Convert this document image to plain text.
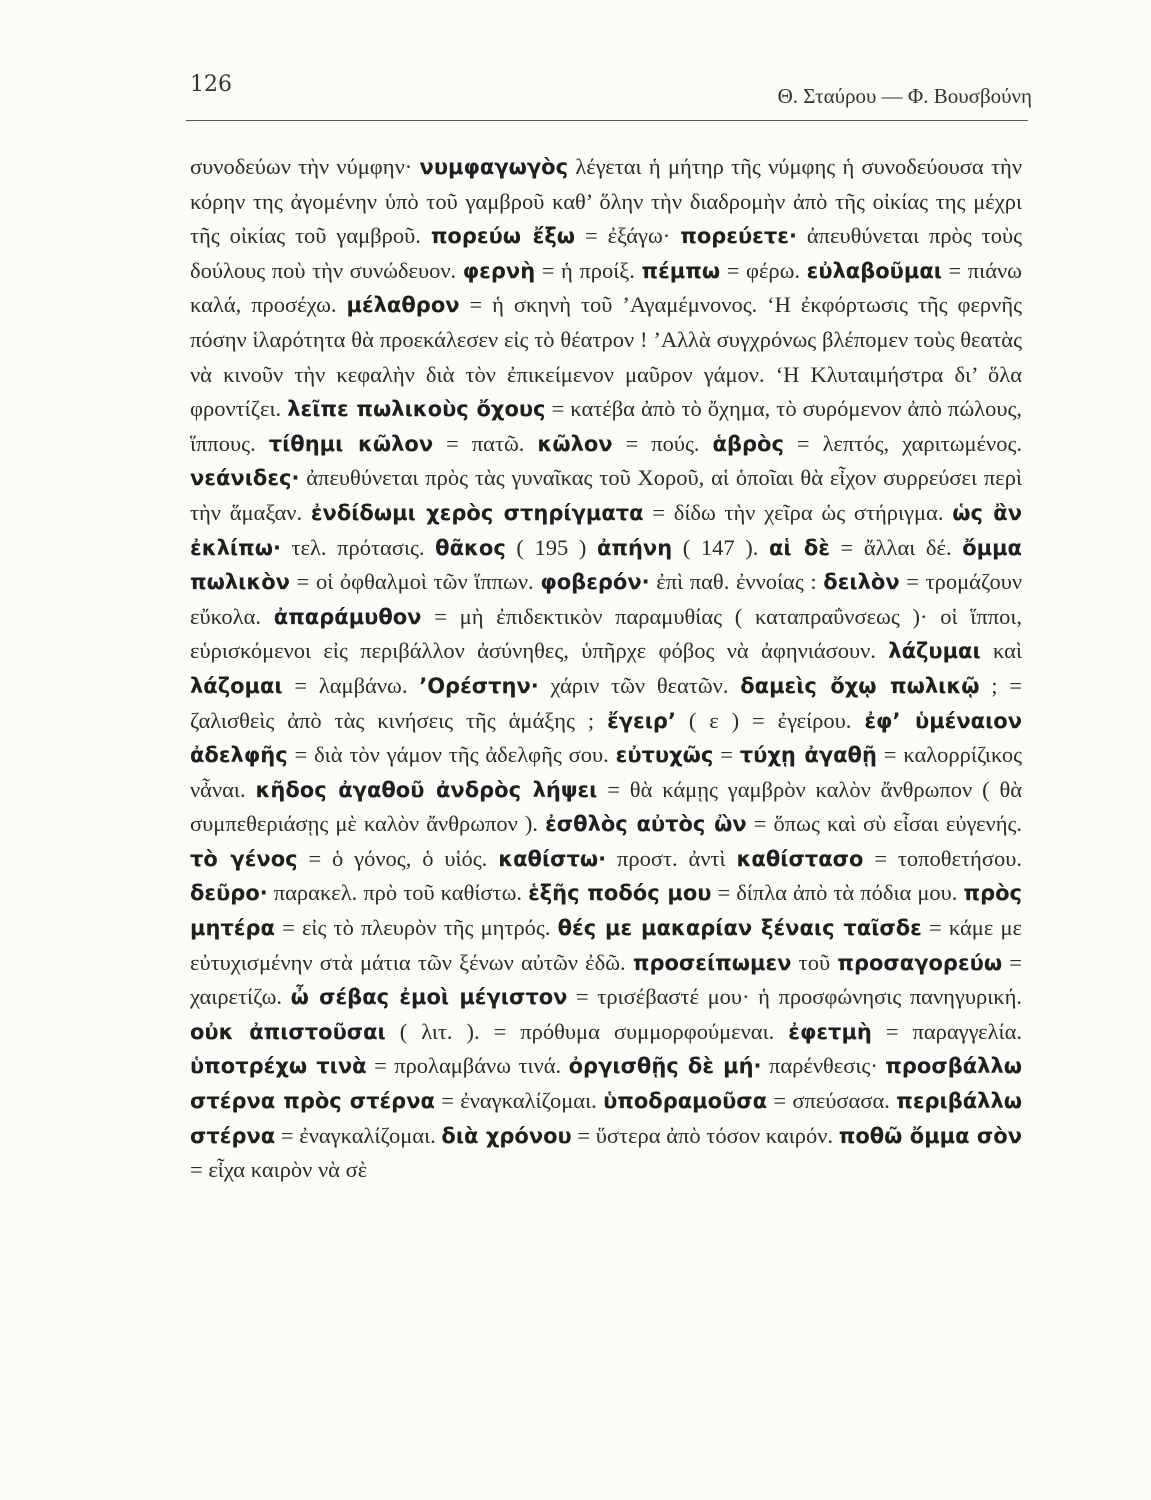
126	Θ. Σταύρου — Φ. Βουσβούνη
συνοδεύων τὴν νύμφην· νυμφαγωγὸς λέγεται ἡ μήτηρ τῆς νύμφης ἡ συνοδεύουσα τὴν κόρην της ἀγομένην ὑπὸ τοῦ γαμβροῦ καθ’ ὅλην τὴν διαδρομὴν ἀπὸ τῆς οἰκίας της μέχρι τῆς οἰκίας τοῦ γαμβροῦ. πορεύω ἔξω = ἐξάγω· πορεύετε· ἀπευθύνεται πρὸς τοὺς δούλους ποὺ τὴν συνώδευον. φερνὴ = ἡ προίξ. πέμπω = φέρω. εὐλαβοῦμαι = πιάνω καλά, προσέχω. μέλαθρον = ἡ σκηνὴ τοῦ ’Αγαμέμνονος. ‘Η ἐκφόρτωσις τῆς φερνῆς πόσην ἱλαρότητα θὰ προεκάλεσεν εἰς τὸ θέατρον ! ’Αλλὰ συγχρόνως βλέπομεν τοὺς θεατὰς νὰ κινοῦν τὴν κεφαλὴν διὰ τὸν ἐπικείμενον μαῦρον γάμον. ‘Η Κλυταιμήστρα δι’ ὅλα φροντίζει. λεῖπε πωλικοὺς ὄχους = κατέβα ἀπὸ τὸ ὄχημα, τὸ συρόμενον ἀπὸ πώλους, ἵππους. τίθημι κῶλον = πατῶ. κῶλον = πούς. ἁβρὸς = λεπτός, χαριτωμένος. νεάνιδες· ἀπευθύνεται πρὸς τὰς γυναῖκας τοῦ Χοροῦ, αἱ ὁποῖαι θὰ εἶχον συρρεύσει περὶ τὴν ἅμαξαν. ἐνδίδωμι χερὸς στηρίγματα = δίδω τὴν χεῖρα ὡς στήριγμα. ὡς ἂν ἐκλίπω· τελ. πρότασις. θᾶκος ( 195 ) ἀπήνη ( 147 ). αἱ δὲ = ἄλλαι δέ. ὄμμα πωλικὸν = οἱ ὀφθαλμοὶ τῶν ἵππων. φοβερόν· ἐπὶ παθ. ἐννοίας : δειλὸν = τρομάζουν εὔκολα. ἀπαράμυθον = μὴ ἐπιδεκτικὸν παραμυθίας ( καταπραΰνσεως )· οἱ ἵπποι, εὑρισκόμενοι εἰς περιβάλλον ἀσύνηθες, ὑπῆρχε φόβος νὰ ἀφηνιάσουν. λάζυμαι καὶ λάζομαι = λαμβάνω. ’Ορέστην· χάριν τῶν θεατῶν. δαμεὶς ὄχῳ πωλικῷ ; = ζαλισθεὶς ἀπὸ τὰς κινήσεις τῆς ἁμάξης ; ἔγειρ’ ( ε ) = ἐγείρου. ἐφ’ ὑμέναιον ἀδελφῆς = διὰ τὸν γάμον τῆς ἀδελφῆς σου. εὐτυχῶς = τύχῃ ἀγαθῇ = καλορρίζικος νἆναι. κῆδος ἀγαθοῦ ἀνδρὸς λήψει = θὰ κάμῃς γαμβρὸν καλὸν ἄνθρωπον ( θὰ συμπεθεριάσῃς μὲ καλὸν ἄνθρωπον ). ἐσθλὸς αὐτὸς ὢν = ὅπως καὶ σὺ εἶσαι εὐγενής. τὸ γένος = ὁ γόνος, ὁ υἱός. καθίστω· προστ. ἀντὶ καθίστασο = τοποθετήσου. δεῦρο· παρακελ. πρὸ τοῦ καθίστω. ἑξῆς ποδός μου = δίπλα ἀπὸ τὰ πόδια μου. πρὸς μητέρα = εἰς τὸ πλευρὸν τῆς μητρός. θές με μακαρίαν ξέναις ταῖσδε = κάμε με εὐτυχισμένην στὰ μάτια τῶν ξένων αὐτῶν ἐδῶ. προσείπωμεν τοῦ προσαγορεύω = χαιρετίζω. ὦ σέβας ἐμοὶ μέγιστον = τρισέβαστέ μου· ἡ προσφώνησις πανηγυρική. οὐκ ἀπιστοῦσαι ( λιτ. ). = πρόθυμα συμμορφούμεναι. ἐφετμὴ = παραγγελία. ὑποτρέχω τινὰ = προλαμβάνω τινά. ὀργισθῇς δὲ μή· παρένθεσις· προσβάλλω στέρνα πρὸς στέρνα = ἐναγκαλίζομαι. ὑποδραμοῦσα = σπεύσασα. περιβάλλω στέρνα = ἐναγκαλίζομαι. διὰ χρόνου = ὕστερα ἀπὸ τόσον καιρόν. ποθῶ ὄμμα σὸν = εἶχα καιρὸν νὰ σὲ
